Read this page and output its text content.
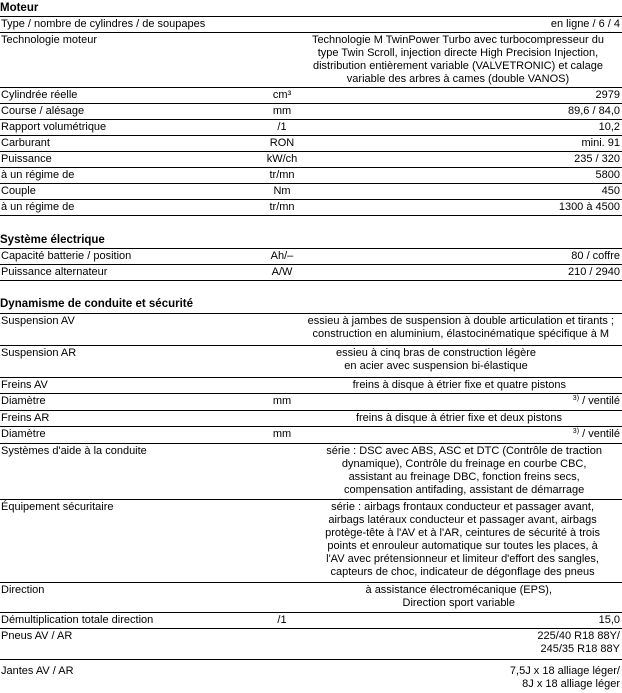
Moteur
Type / nombre de cylindres / de soupapes	en ligne / 6 / 4
Technologie moteur	Technologie M TwinPower Turbo avec turbocompresseur du
type Twin Scroll, injection directe High Precision Injection,
distribution entièrement variable (VALVETRONIC) et calage
variable des arbres à cames (double VANOS)
Cylindrée réelle	cm³	2979
Course / alésage	mm	89,6 / 84,0
Rapport volumétrique	/1	10,2
Carburant	RON	mini. 91
Puissance	kW/ch	235 / 320
à un régime de	tr/mn	5800
Couple	Nm	450
à un régime de	tr/mn	1300 à 4500
Système électrique
Capacité batterie / position	Ah/–	80 / coffre
Puissance alternateur	A/W	210 / 2940
Dynamisme de conduite et sécurité
Suspension AV	essieu à jambes de suspension à double articulation et tirants ;
construction en aluminium, élastocinématique spécifique à M
Suspension AR	essieu à cinq bras de construction légère
en acier avec suspension bi-élastique
Freins AV	freins à disque à étrier fixe et quatre pistons
Diamètre	mm	$^{3)}$ / ventilé
Freins AR	freins à disque à étrier fixe et deux pistons
Diamètre	mm	$^{3)}$ / ventilé
Systèmes d'aide à la conduite	série : DSC avec ABS, ASC et DTC (Contrôle de traction
dynamique), Contrôle du freinage en courbe CBC,
assistant au freinage DBC, fonction freins secs,
compensation antifading, assistant de démarrage
Équipement sécuritaire	série : airbags frontaux conducteur et passager avant,
airbags latéraux conducteur et passager avant, airbags
protège-tête à l'AV et à l'AR, ceintures de sécurité à trois
points et enrouleur automatique sur toutes les places, à
l'AV avec prétensionneur et limiteur d'effort des sangles,
capteurs de choc, indicateur de dégonflage des pneus
Direction	à assistance électromécanique (EPS),
Direction sport variable
Démultiplication totale direction	/1	15,0
Pneus AV / AR	225/40 R18 88Y/
245/35 R18 88Y
Jantes AV / AR	7,5J x 18 alliage léger/
8J x 18 alliage léger
